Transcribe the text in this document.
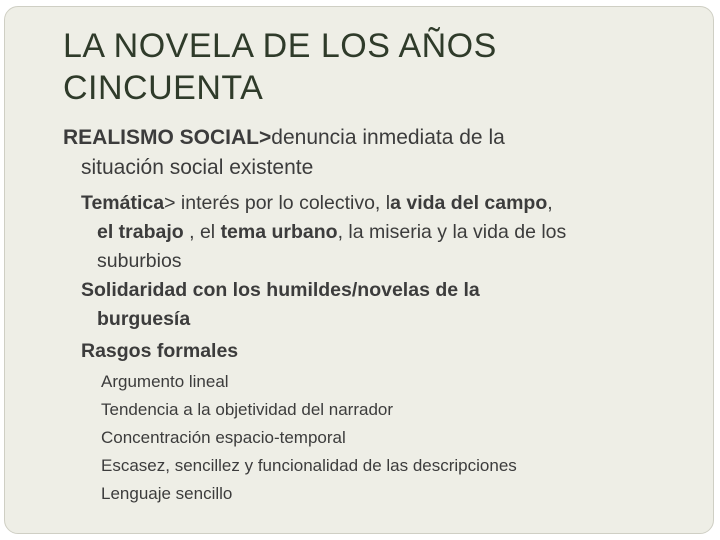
LA NOVELA DE LOS AÑOS
CINCUENTA
REALISMO SOCIAL>denuncia inmediata de la
situación social existente
Temática> interés por lo colectivo, la vida del campo,
el trabajo , el tema urbano, la miseria y la vida de los
suburbios
Solidaridad con los humildes/novelas de la
burguesía
Rasgos formales
Argumento lineal
Tendencia a la objetividad del narrador
Concentración espacio-temporal
Escasez, sencillez y funcionalidad de las descripciones
Lenguaje sencillo
